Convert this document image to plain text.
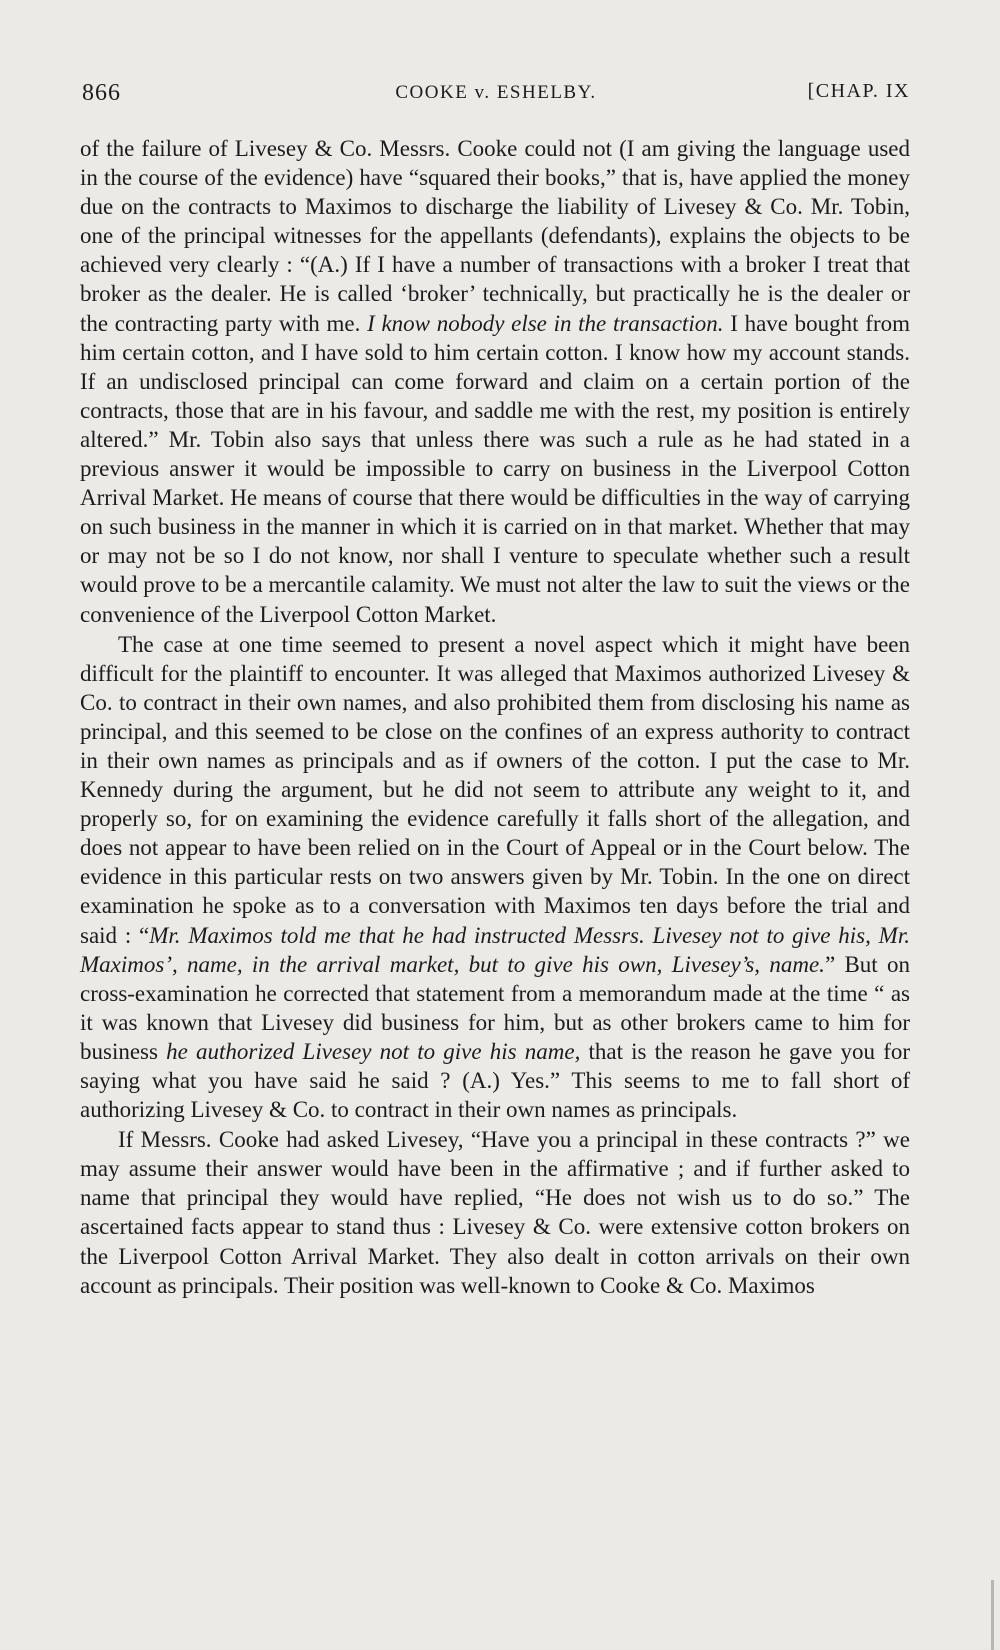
866	COOKE v. ESHELBY.	[CHAP. IX

of the failure of Livesey & Co. Messrs. Cooke could not (I am giving the language used in the course of the evidence) have “squared their books,” that is, have applied the money due on the contracts to Maximos to discharge the liability of Livesey & Co. Mr. Tobin, one of the principal witnesses for the appellants (defendants), explains the objects to be achieved very clearly : “(A.) If I have a number of transactions with a broker I treat that broker as the dealer. He is called ‘broker’ technically, but practically he is the dealer or the contracting party with me. I know nobody else in the transaction. I have bought from him certain cotton, and I have sold to him certain cotton. I know how my account stands. If an undisclosed principal can come forward and claim on a certain portion of the contracts, those that are in his favour, and saddle me with the rest, my position is entirely altered.” Mr. Tobin also says that unless there was such a rule as he had stated in a previous answer it would be impossible to carry on business in the Liverpool Cotton Arrival Market. He means of course that there would be difficulties in the way of carrying on such business in the manner in which it is carried on in that market. Whether that may or may not be so I do not know, nor shall I venture to speculate whether such a result would prove to be a mercantile calamity. We must not alter the law to suit the views or the convenience of the Liverpool Cotton Market.

The case at one time seemed to present a novel aspect which it might have been difficult for the plaintiff to encounter. It was alleged that Maximos authorized Livesey & Co. to contract in their own names, and also prohibited them from disclosing his name as principal, and this seemed to be close on the confines of an express authority to contract in their own names as principals and as if owners of the cotton. I put the case to Mr. Kennedy during the argument, but he did not seem to attribute any weight to it, and properly so, for on examining the evidence carefully it falls short of the allegation, and does not appear to have been relied on in the Court of Appeal or in the Court below. The evidence in this particular rests on two answers given by Mr. Tobin. In the one on direct examination he spoke as to a conversation with Maximos ten days before the trial and said : “Mr. Maximos told me that he had instructed Messrs. Livesey not to give his, Mr. Maximos’, name, in the arrival market, but to give his own, Livesey’s, name.” But on cross-examination he corrected that statement from a memorandum made at the time “ as it was known that Livesey did business for him, but as other brokers came to him for business he authorized Livesey not to give his name, that is the reason he gave you for saying what you have said he said ? (A.) Yes.” This seems to me to fall short of authorizing Livesey & Co. to contract in their own names as principals.

If Messrs. Cooke had asked Livesey, “Have you a principal in these contracts ?” we may assume their answer would have been in the affirmative ; and if further asked to name that principal they would have replied, “He does not wish us to do so.” The ascertained facts appear to stand thus : Livesey & Co. were extensive cotton brokers on the Liverpool Cotton Arrival Market. They also dealt in cotton arrivals on their own account as principals. Their position was well-known to Cooke & Co. Maximos
